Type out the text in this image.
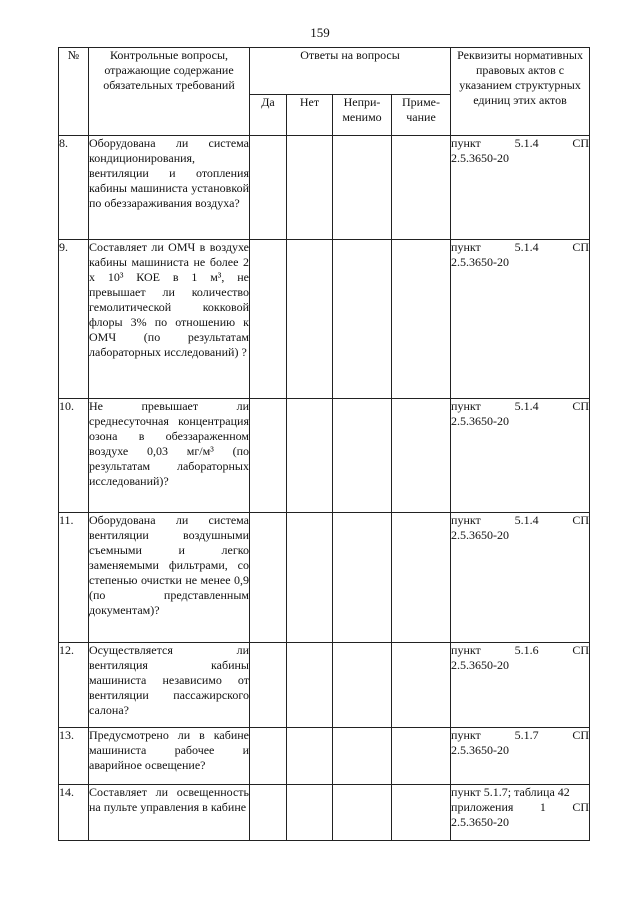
159
№	Контрольные вопросы, отражающие содержание обязательных требований	Ответы на вопросы				Реквизиты нормативных правовых актов с указанием структурных единиц этих актов
		Да	Нет	Непри-менимо	Приме-чание	
8.	Оборудована ли система кондиционирования, вентиляции и отопления кабины машиниста установкой по обеззараживания воздуха?					пункт 5.1.4 СП
2.5.3650-20

9.	Составляет ли ОМЧ в воздухе кабины машиниста не более 2 х 10³ КОЕ в 1 м³, не превышает ли количество гемолитической кокковой флоры 3% по отношению к ОМЧ (по результатам лабораторных исследований) ?					пункт 5.1.4 СП
2.5.3650-20

10.	Не превышает ли среднесуточная концентрация озона в обеззараженном воздухе 0,03 мг/м³ (по результатам лабораторных исследований)?					пункт 5.1.4 СП
2.5.3650-20

11.	Оборудована ли система вентиляции воздушными съемными и легко заменяемыми фильтрами, со степенью очистки не менее 0,9 (по представленным документам)?					пункт 5.1.4 СП
2.5.3650-20

12.	Осуществляется ли вентиляция кабины машиниста независимо от вентиляции пассажирского салона?					пункт 5.1.6 СП
2.5.3650-20

13.	Предусмотрено ли в кабине машиниста рабочее и аварийное освещение?					пункт 5.1.7 СП
2.5.3650-20

14.	Составляет ли освещенность на пульте управления в кабине					пункт 5.1.7; таблица 42
приложения 1 СП
2.5.3650-20
